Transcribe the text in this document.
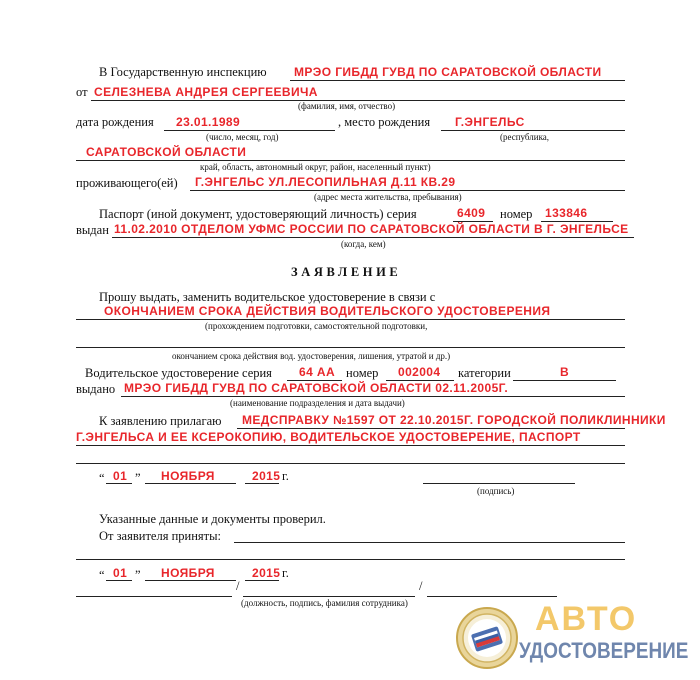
В Государственную инспекцию МРЭО ГИБДД ГУВД ПО САРАТОВСКОЙ ОБЛАСТИ
от СЕЛЕЗНЕВА АНДРЕЯ СЕРГЕЕВИЧА
(фамилия, имя, отчество)
дата рождения 23.01.1989	, место рождения Г.ЭНГЕЛЬС
(число, месяц, год)	(республика,
САРАТОВСКОЙ ОБЛАСТИ
край, область, автономный округ, район, населенный пункт)
проживающего(ей) Г.ЭНГЕЛЬС УЛ.ЛЕСОПИЛЬНАЯ Д.11 КВ.29
(адрес места жительства, пребывания)
Паспорт (иной документ, удостоверяющий личность) серия	6409 номер 133846
выдан 11.02.2010 ОТДЕЛОМ УФМС РОССИИ ПО САРАТОВСКОЙ ОБЛАСТИ В Г. ЭНГЕЛЬСЕ
(когда, кем)
ЗАЯВЛЕНИЕ
Прошу выдать, заменить водительское удостоверение в связи с
ОКОНЧАНИЕМ СРОКА ДЕЙСТВИЯ ВОДИТЕЛЬСКОГО УДОСТОВЕРЕНИЯ
(прохождением подготовки, самостоятельной подготовки,
окончанием срока действия вод. удостоверения, лишения, утратой и др.)
Водительское удостоверение серия 64 АА номер 002004 категории	В
выдано МРЭО ГИБДД ГУВД ПО САРАТОВСКОЙ ОБЛАСТИ 02.11.2005Г.
(наименование подразделения и дата выдачи)
К заявлению прилагаю МЕДСПРАВКУ №1597 ОТ 22.10.2015Г. ГОРОДСКОЙ ПОЛИКЛИННИКИ
Г.ЭНГЕЛЬСА И ЕЕ КСЕРОКОПИЮ, ВОДИТЕЛЬСКОЕ УДОСТОВЕРЕНИЕ, ПАСПОРТ
“ 01 ” НОЯБРЯ	2015 г.
(подпись)
Указанные данные и документы проверил.
От заявителя приняты:
“ 01 ” НОЯБРЯ	2015 г.
/	/
(должность, подпись, фамилия сотрудника)	АВТО
УДОСТОВЕРЕНИЕ
